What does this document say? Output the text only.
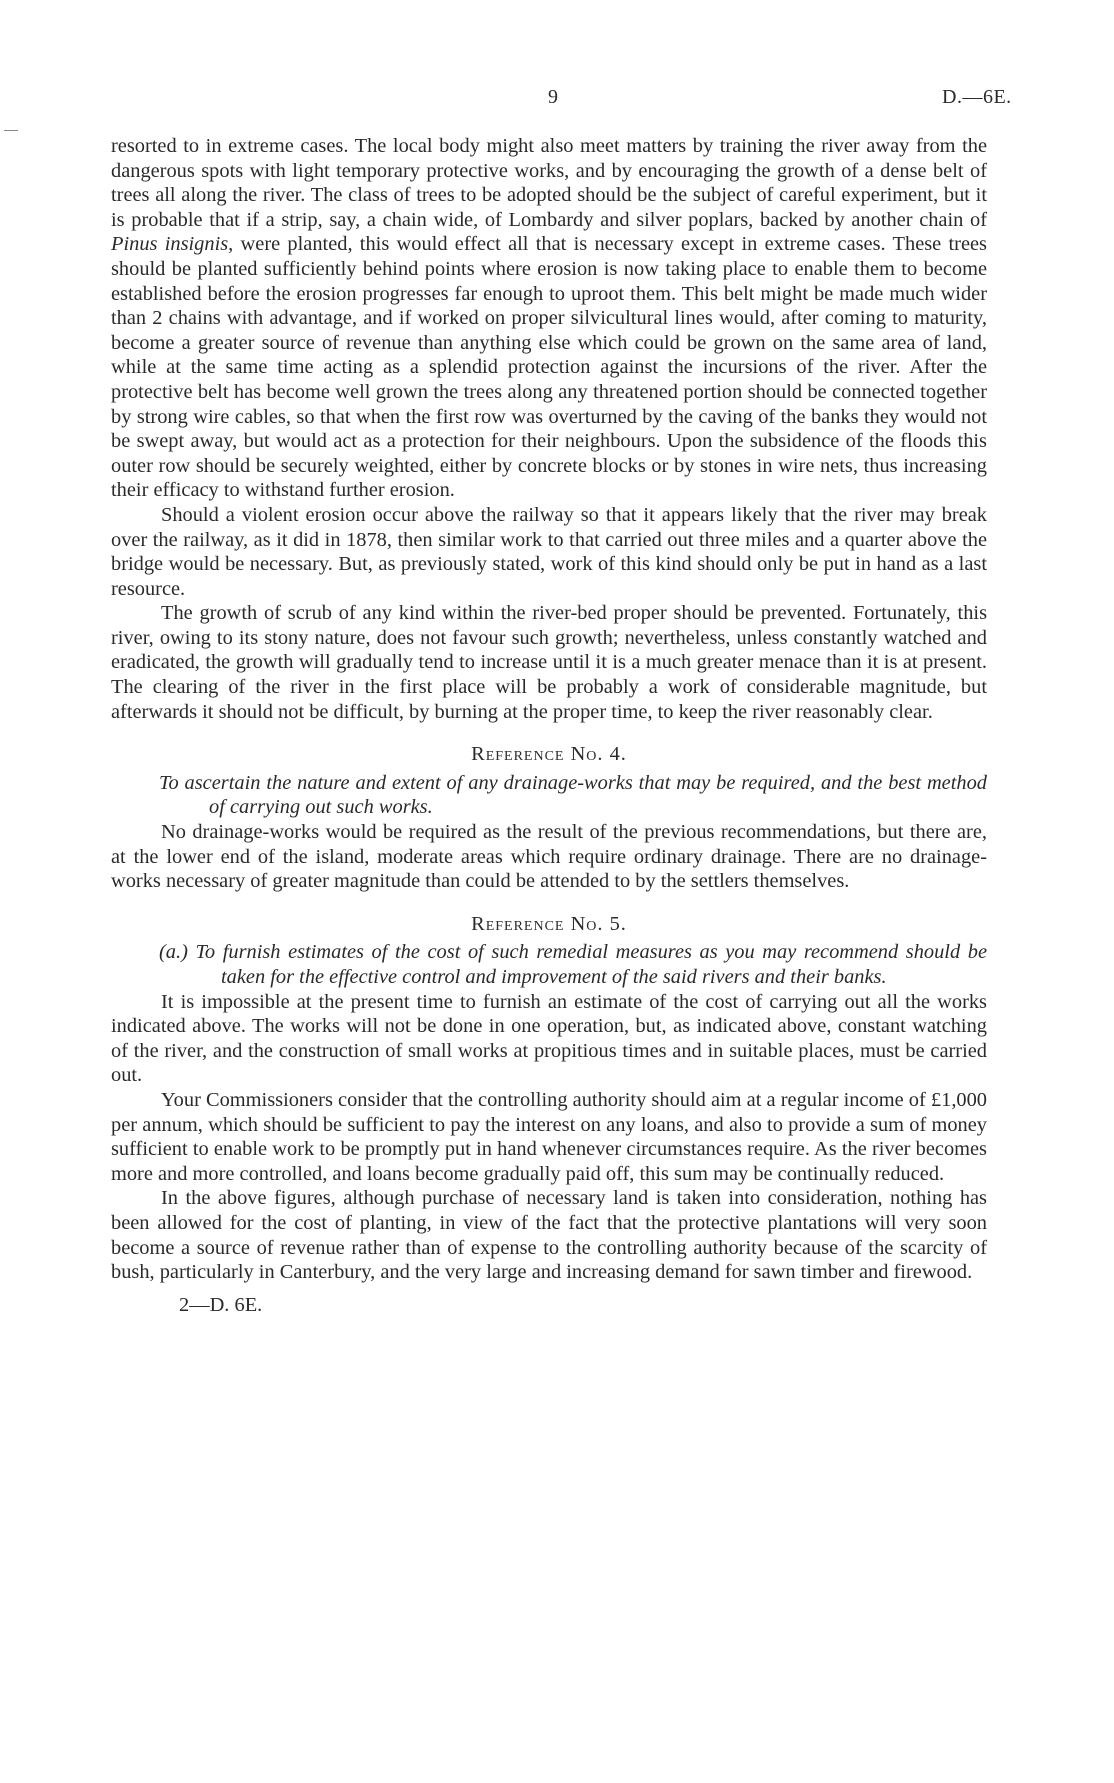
9	D.—6E.

resorted to in extreme cases. The local body might also meet matters by training the river away from the dangerous spots with light temporary protective works, and by encouraging the growth of a dense belt of trees all along the river. The class of trees to be adopted should be the subject of careful experiment, but it is probable that if a strip, say, a chain wide, of Lombardy and silver poplars, backed by another chain of Pinus insignis, were planted, this would effect all that is necessary except in extreme cases. These trees should be planted sufficiently behind points where erosion is now taking place to enable them to become established before the erosion progresses far enough to uproot them. This belt might be made much wider than 2 chains with advantage, and if worked on proper silvicultural lines would, after coming to maturity, become a greater source of revenue than anything else which could be grown on the same area of land, while at the same time acting as a splendid protection against the incursions of the river. After the protective belt has become well grown the trees along any threatened portion should be connected together by strong wire cables, so that when the first row was overturned by the caving of the banks they would not be swept away, but would act as a protection for their neighbours. Upon the subsidence of the floods this outer row should be securely weighted, either by concrete blocks or by stones in wire nets, thus increasing their efficacy to withstand further erosion.

Should a violent erosion occur above the railway so that it appears likely that the river may break over the railway, as it did in 1878, then similar work to that carried out three miles and a quarter above the bridge would be necessary. But, as previously stated, work of this kind should only be put in hand as a last resource.

The growth of scrub of any kind within the river-bed proper should be prevented. Fortunately, this river, owing to its stony nature, does not favour such growth; nevertheless, unless constantly watched and eradicated, the growth will gradually tend to increase until it is a much greater menace than it is at present. The clearing of the river in the first place will be probably a work of considerable magnitude, but afterwards it should not be difficult, by burning at the proper time, to keep the river reasonably clear.

Reference No. 4.

To ascertain the nature and extent of any drainage-works that may be required, and the best method of carrying out such works.

No drainage-works would be required as the result of the previous recommendations, but there are, at the lower end of the island, moderate areas which require ordinary drainage. There are no drainage-works necessary of greater magnitude than could be attended to by the settlers themselves.

Reference No. 5.

(a.) To furnish estimates of the cost of such remedial measures as you may recommend should be taken for the effective control and improvement of the said rivers and their banks.

It is impossible at the present time to furnish an estimate of the cost of carrying out all the works indicated above. The works will not be done in one operation, but, as indicated above, constant watching of the river, and the construction of small works at propitious times and in suitable places, must be carried out.

Your Commissioners consider that the controlling authority should aim at a regular income of £1,000 per annum, which should be sufficient to pay the interest on any loans, and also to provide a sum of money sufficient to enable work to be promptly put in hand whenever circumstances require. As the river becomes more and more controlled, and loans become gradually paid off, this sum may be continually reduced.

In the above figures, although purchase of necessary land is taken into consideration, nothing has been allowed for the cost of planting, in view of the fact that the protective plantations will very soon become a source of revenue rather than of expense to the controlling authority because of the scarcity of bush, particularly in Canterbury, and the very large and increasing demand for sawn timber and firewood.

2—D. 6E.
